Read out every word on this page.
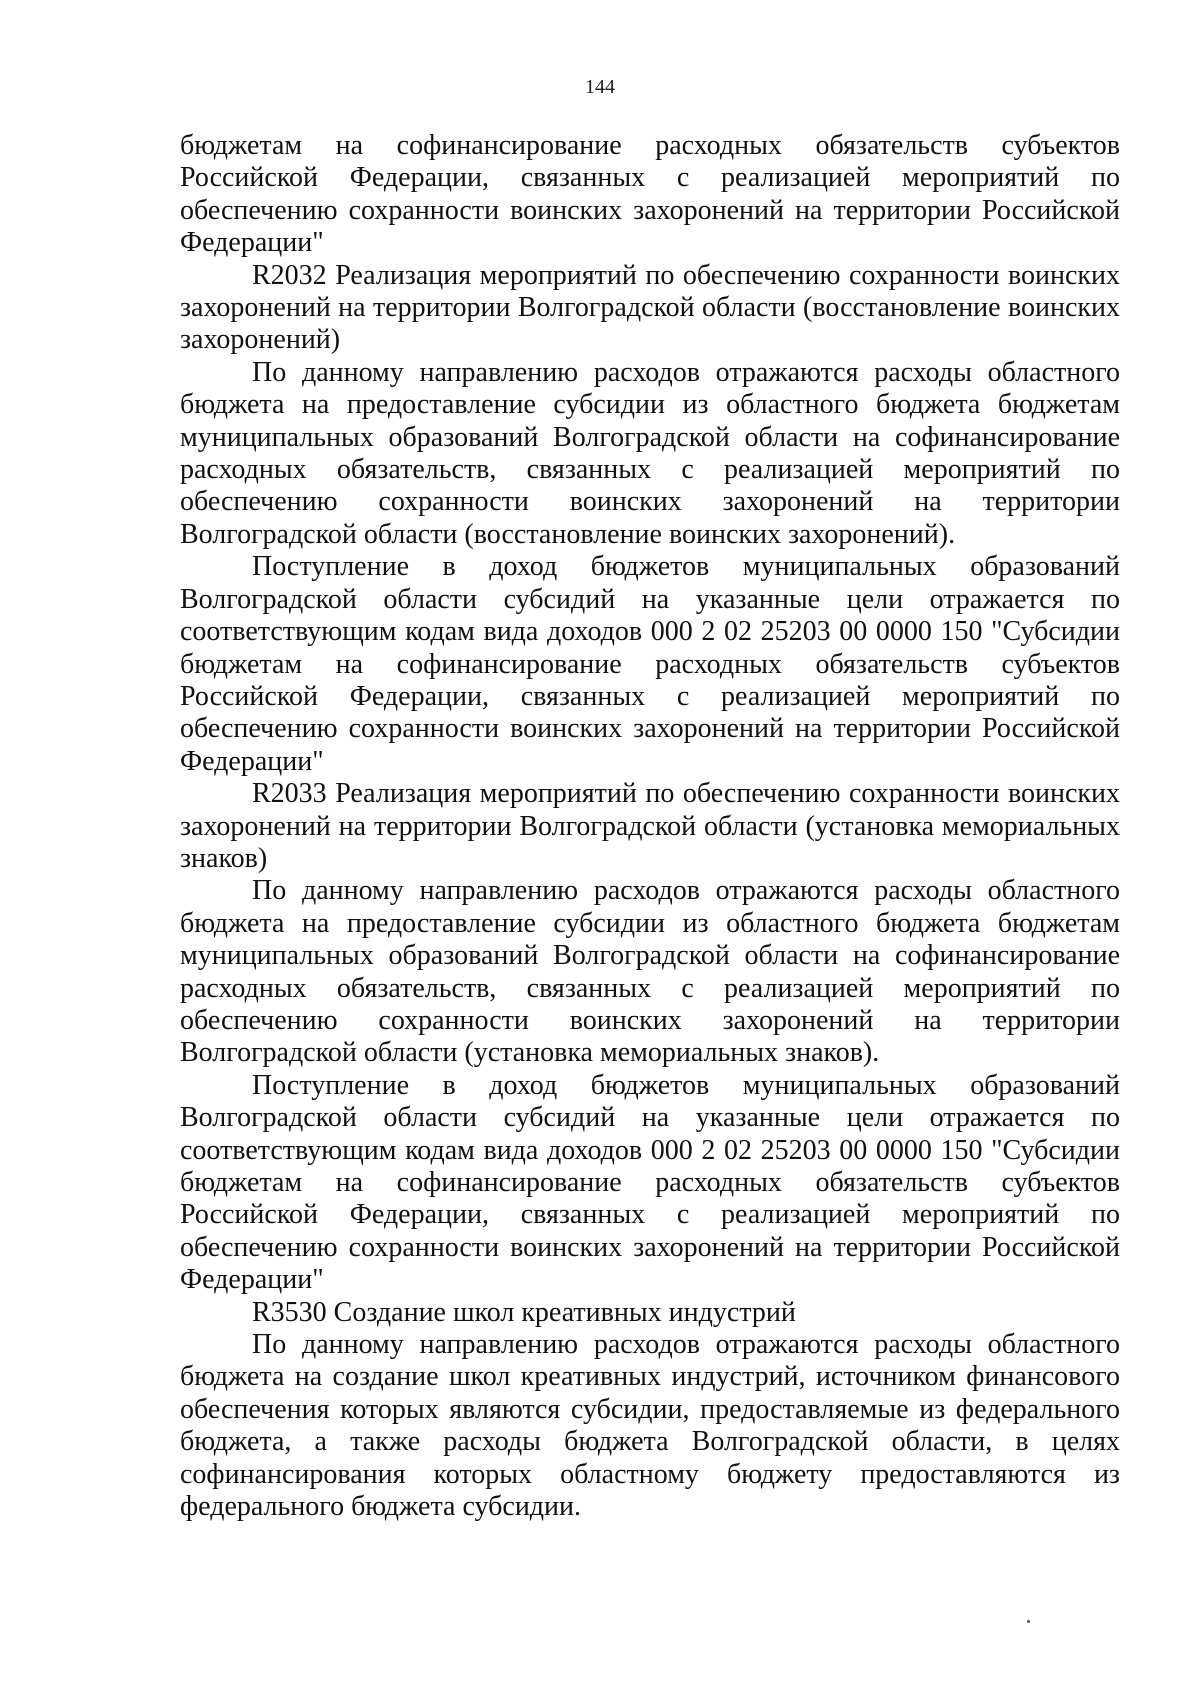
144

бюджетам на софинансирование расходных обязательств субъектов Российской Федерации, связанных с реализацией мероприятий по обеспечению сохранности воинских захоронений на территории Российской Федерации"

R2032 Реализация мероприятий по обеспечению сохранности воинских захоронений на территории Волгоградской области (восстановление воинских захоронений)

По данному направлению расходов отражаются расходы областного бюджета на предоставление субсидии из областного бюджета бюджетам муниципальных образований Волгоградской области на софинансирование расходных обязательств, связанных с реализацией мероприятий по обеспечению сохранности воинских захоронений на территории Волгоградской области (восстановление воинских захоронений).

Поступление в доход бюджетов муниципальных образований Волгоградской области субсидий на указанные цели отражается по соответствующим кодам вида доходов 000 2 02 25203 00 0000 150 "Субсидии бюджетам на софинансирование расходных обязательств субъектов Российской Федерации, связанных с реализацией мероприятий по обеспечению сохранности воинских захоронений на территории Российской Федерации"

R2033 Реализация мероприятий по обеспечению сохранности воинских захоронений на территории Волгоградской области (установка мемориальных знаков)

По данному направлению расходов отражаются расходы областного бюджета на предоставление субсидии из областного бюджета бюджетам муниципальных образований Волгоградской области на софинансирование расходных обязательств, связанных с реализацией мероприятий по обеспечению сохранности воинских захоронений на территории Волгоградской области (установка мемориальных знаков).

Поступление в доход бюджетов муниципальных образований Волгоградской области субсидий на указанные цели отражается по соответствующим кодам вида доходов 000 2 02 25203 00 0000 150 "Субсидии бюджетам на софинансирование расходных обязательств субъектов Российской Федерации, связанных с реализацией мероприятий по обеспечению сохранности воинских захоронений на территории Российской Федерации"

R3530 Создание школ креативных индустрий

По данному направлению расходов отражаются расходы областного бюджета на создание школ креативных индустрий, источником финансового обеспечения которых являются субсидии, предоставляемые из федерального бюджета, а также расходы бюджета Волгоградской области, в целях софинансирования которых областному бюджету предоставляются из федерального бюджета субсидии.
